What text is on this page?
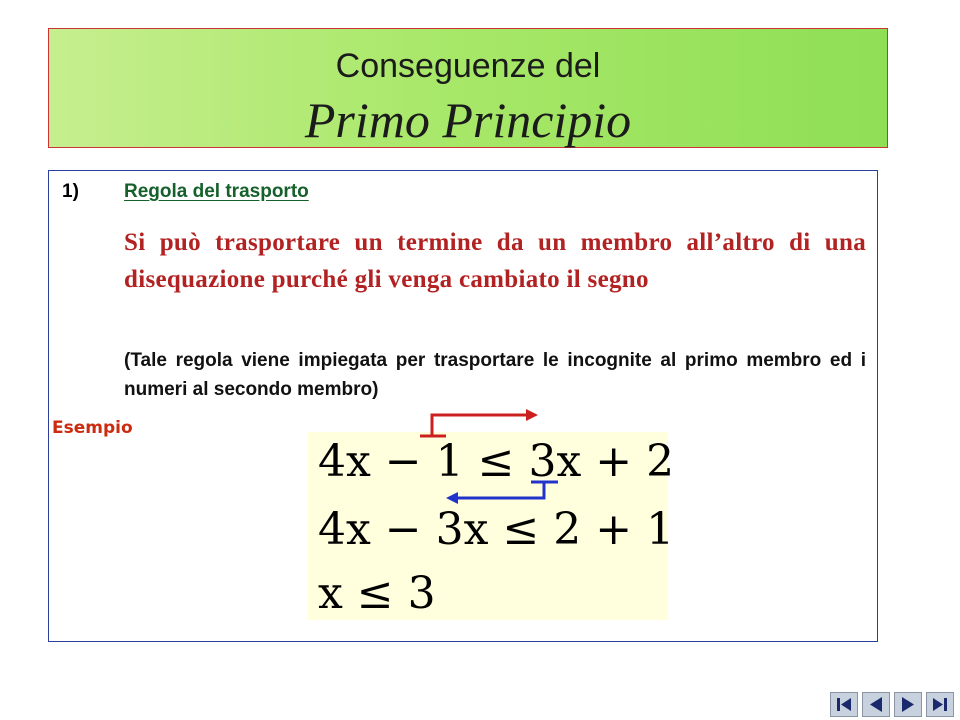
Conseguenze del
Primo Principio
1) Regola del trasporto
Si può trasportare un termine da un membro all’altro di una disequazione purché gli venga cambiato il segno
(Tale regola viene impiegata per trasportare le incognite al primo membro ed i numeri al secondo membro)
Esempio
4x − 1 ≤ 3x + 2
4x − 3x ≤ 2 + 1
x ≤ 3
